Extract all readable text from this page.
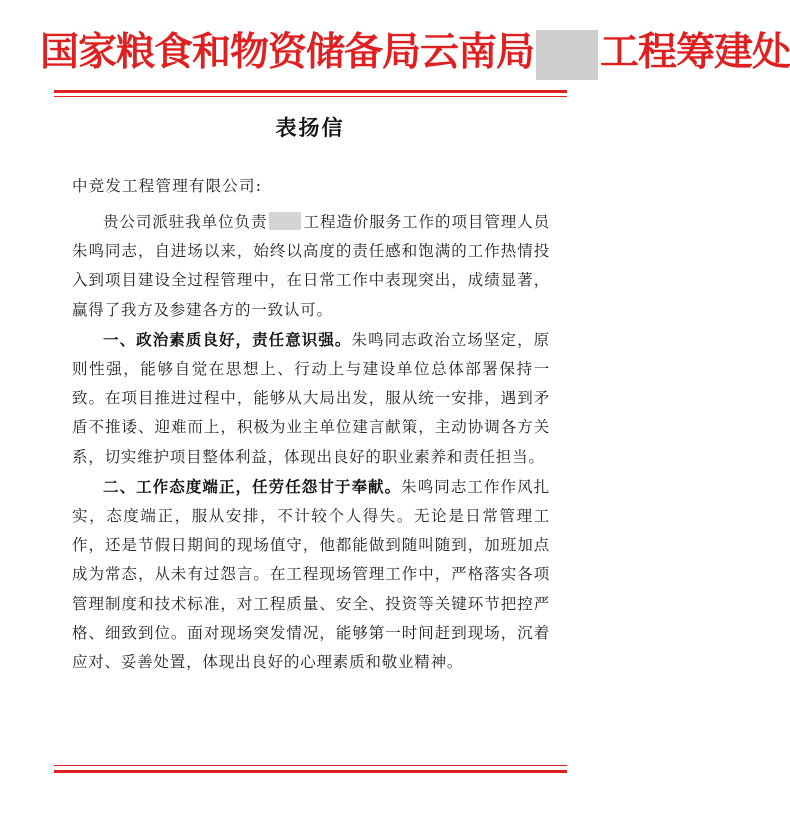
国家粮食和物资储备局云南局 工程筹建处
表扬信
中竞发工程管理有限公司:

贵公司派驻我单位负责 工程造价服务工作的项目管理人员朱鸣同志，自进场以来，始终以高度的责任感和饱满的工作热情投入到项目建设全过程管理中，在日常工作中表现突出，成绩显著，赢得了我方及参建各方的一致认可。

一、政治素质良好，责任意识强。朱鸣同志政治立场坚定，原则性强，能够自觉在思想上、行动上与建设单位总体部署保持一致。在项目推进过程中，能够从大局出发，服从统一安排，遇到矛盾不推诿、迎难而上，积极为业主单位建言献策，主动协调各方关系，切实维护项目整体利益，体现出良好的职业素养和责任担当。

二、工作态度端正，任劳任怨甘于奉献。朱鸣同志工作作风扎实，态度端正，服从安排，不计较个人得失。无论是日常管理工作，还是节假日期间的现场值守，他都能做到随叫随到，加班加点成为常态，从未有过怨言。在工程现场管理工作中，严格落实各项管理制度和技术标准，对工程质量、安全、投资等关键环节把控严格、细致到位。面对现场突发情况，能够第一时间赶到现场，沉着应对、妥善处置，体现出良好的心理素质和敬业精神。
